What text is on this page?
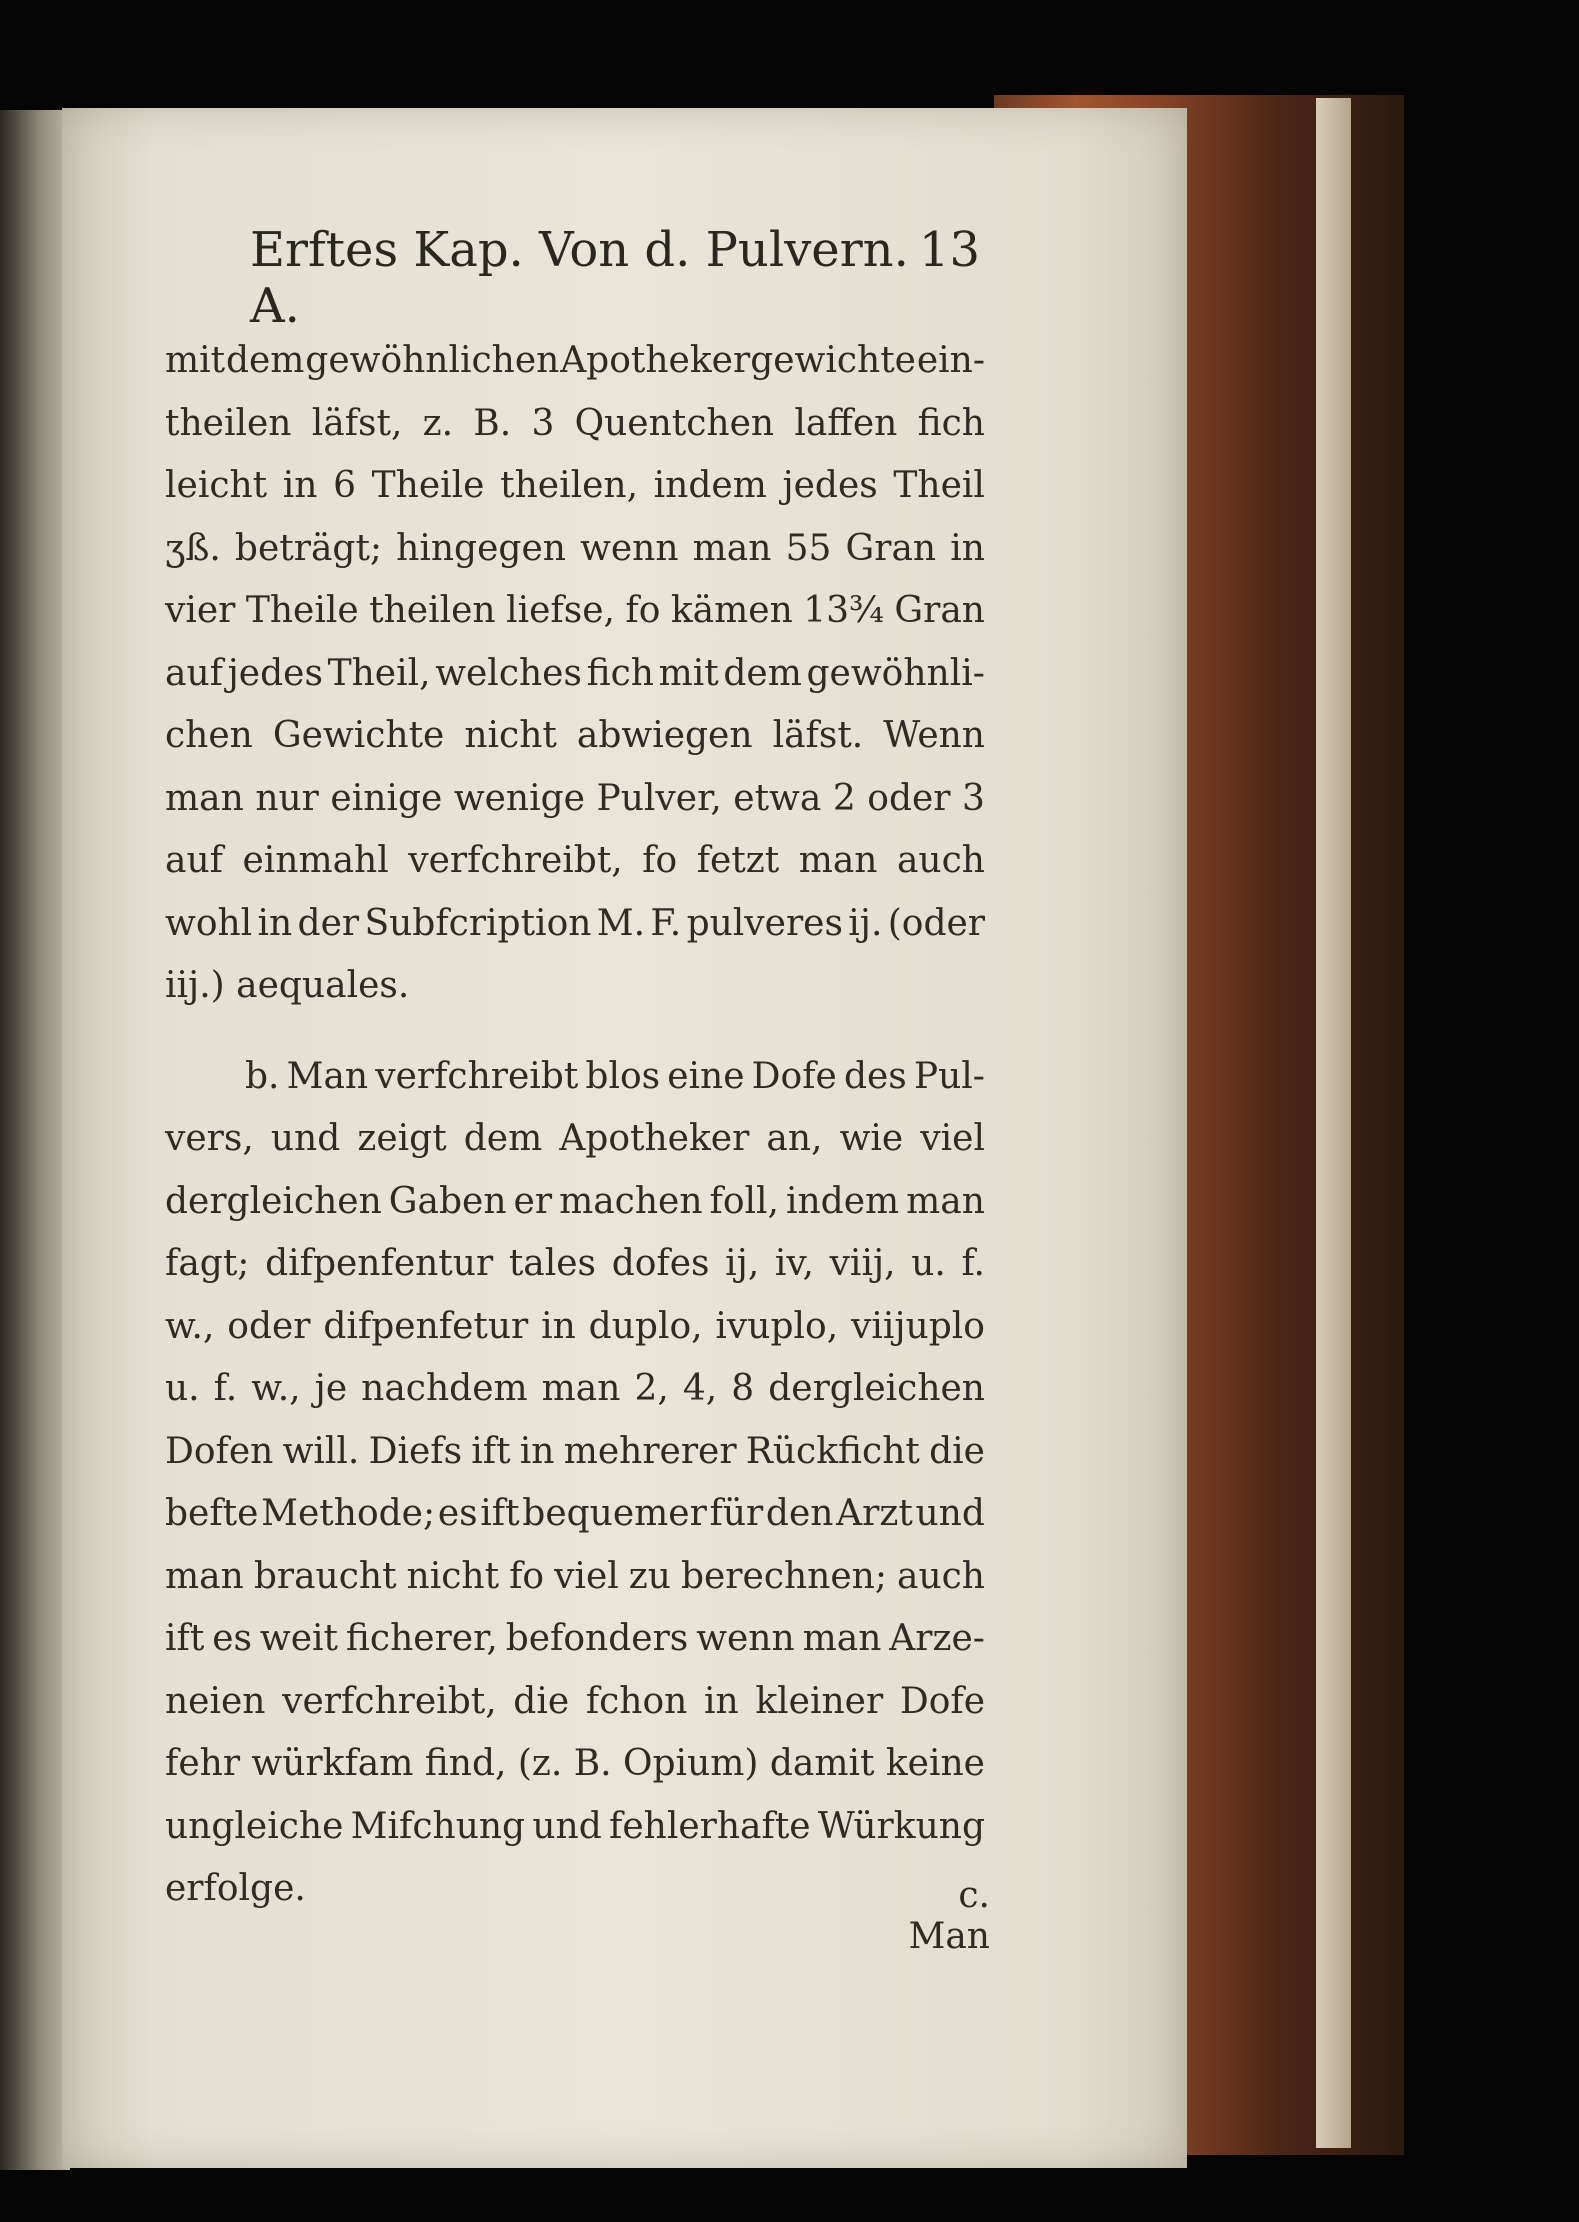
Erftes Kap. Von d. Pulvern. A.
13
mit dem gewöhnlichen Apothekergewichte ein-
theilen läfst, z. B. 3 Quentchen laffen fich
leicht in 6 Theile theilen, indem jedes Theil
ʒß. beträgt; hingegen wenn man 55 Gran in
vier Theile theilen liefse, fo kämen 13¾ Gran
auf jedes Theil, welches fich mit dem gewöhnli-
chen Gewichte nicht abwiegen läfst. Wenn
man nur einige wenige Pulver, etwa 2 oder 3
auf einmahl verfchreibt, fo fetzt man auch
wohl in der Subfcription M. F. pulveres ij. (oder
iij.) aequales.
b. Man verfchreibt blos eine Dofe des Pul-
vers, und zeigt dem Apotheker an, wie viel
dergleichen Gaben er machen foll, indem man
fagt; difpenfentur tales dofes ij, iv, viij, u. f.
w., oder difpenfetur in duplo, ivuplo, viijuplo
u. f. w., je nachdem man 2, 4, 8 dergleichen
Dofen will. Diefs ift in mehrerer Rückficht die
befte Methode; es ift bequemer für den Arzt und
man braucht nicht fo viel zu berechnen; auch
ift es weit ficherer, befonders wenn man Arze-
neien verfchreibt, die fchon in kleiner Dofe
fehr würkfam find, (z. B. Opium) damit keine
ungleiche Mifchung und fehlerhafte Würkung
erfolge.	c. Man
